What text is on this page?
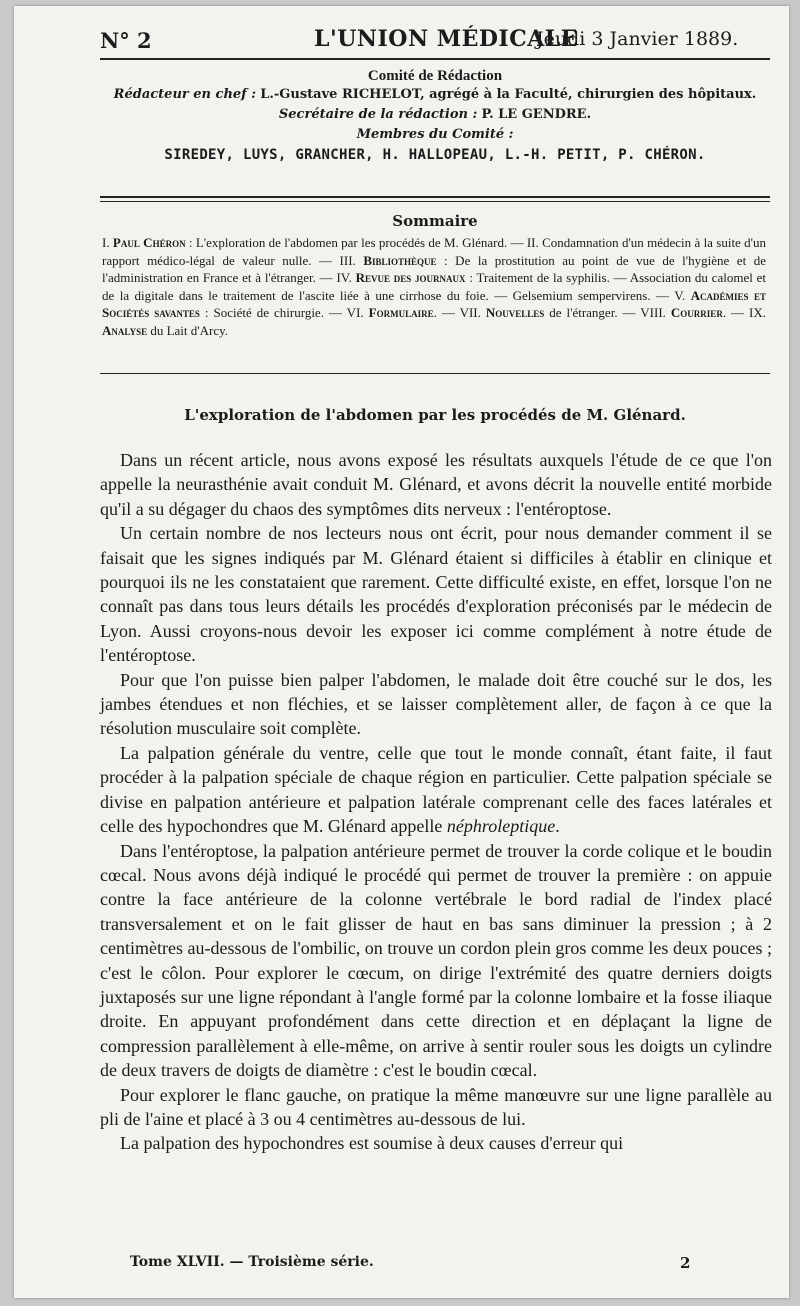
N° 2	L'UNION MÉDICALE
Jeudi 3 Janvier 1889.
Comité de Rédaction
Rédacteur en chef : L.-Gustave RICHELOT, agrégé à la Faculté, chirurgien des hôpitaux.
Secrétaire de la rédaction : P. LE GENDRE.
Membres du Comité :
SIREDEY, LUYS, GRANCHER, H. HALLOPEAU, L.-H. PETIT, P. CHÉRON.
Sommaire
I. Paul Chéron : L'exploration de l'abdomen par les procédés de M. Glénard. — II. Condamnation d'un médecin à la suite d'un rapport médico-légal de valeur nulle. — III. Bibliothèque : De la prostitution au point de vue de l'hygiène et de l'administration en France et à l'étranger. — IV. Revue des journaux : Traitement de la syphilis. — Association du calomel et de la digitale dans le traitement de l'ascite liée à une cirrhose du foie. — Gelsemium sempervirens. — V. Académies et Sociétés savantes : Société de chirurgie. — VI. Formulaire. — VII. Nouvelles de l'étranger. — VIII. Courrier. — IX. Analyse du Lait d'Arcy.
L'exploration de l'abdomen par les procédés de M. Glénard.

Dans un récent article, nous avons exposé les résultats auxquels l'étude de ce que l'on appelle la neurasthénie avait conduit M. Glénard, et avons décrit la nouvelle entité morbide qu'il a su dégager du chaos des symptômes dits nerveux : l'entéroptose.

Un certain nombre de nos lecteurs nous ont écrit, pour nous demander comment il se faisait que les signes indiqués par M. Glénard étaient si difficiles à établir en clinique et pourquoi ils ne les constataient que rarement. Cette difficulté existe, en effet, lorsque l'on ne connaît pas dans tous leurs détails les procédés d'exploration préconisés par le médecin de Lyon. Aussi croyons-nous devoir les exposer ici comme complément à notre étude de l'entéroptose.

Pour que l'on puisse bien palper l'abdomen, le malade doit être couché sur le dos, les jambes étendues et non fléchies, et se laisser complètement aller, de façon à ce que la résolution musculaire soit complète.

La palpation générale du ventre, celle que tout le monde connaît, étant faite, il faut procéder à la palpation spéciale de chaque région en particulier. Cette palpation spéciale se divise en palpation antérieure et palpation latérale comprenant celle des faces latérales et celle des hypochondres que M. Glénard appelle néphroleptique.

Dans l'entéroptose, la palpation antérieure permet de trouver la corde colique et le boudin cœcal. Nous avons déjà indiqué le procédé qui permet de trouver la première : on appuie contre la face antérieure de la colonne vertébrale le bord radial de l'index placé transversalement et on le fait glisser de haut en bas sans diminuer la pression ; à 2 centimètres au-dessous de l'ombilic, on trouve un cordon plein gros comme les deux pouces ; c'est le côlon. Pour explorer le cœcum, on dirige l'extrémité des quatre derniers doigts juxtaposés sur une ligne répondant à l'angle formé par la colonne lombaire et la fosse iliaque droite. En appuyant profondément dans cette direction et en déplaçant la ligne de compression parallèlement à elle-même, on arrive à sentir rouler sous les doigts un cylindre de deux travers de doigts de diamètre : c'est le boudin cœcal.

Pour explorer le flanc gauche, on pratique la même manœuvre sur une ligne parallèle au pli de l'aine et placé à 3 ou 4 centimètres au-dessous de lui.

La palpation des hypochondres est soumise à deux causes d'erreur qui

Tome XLVII. — Troisième série.	2
